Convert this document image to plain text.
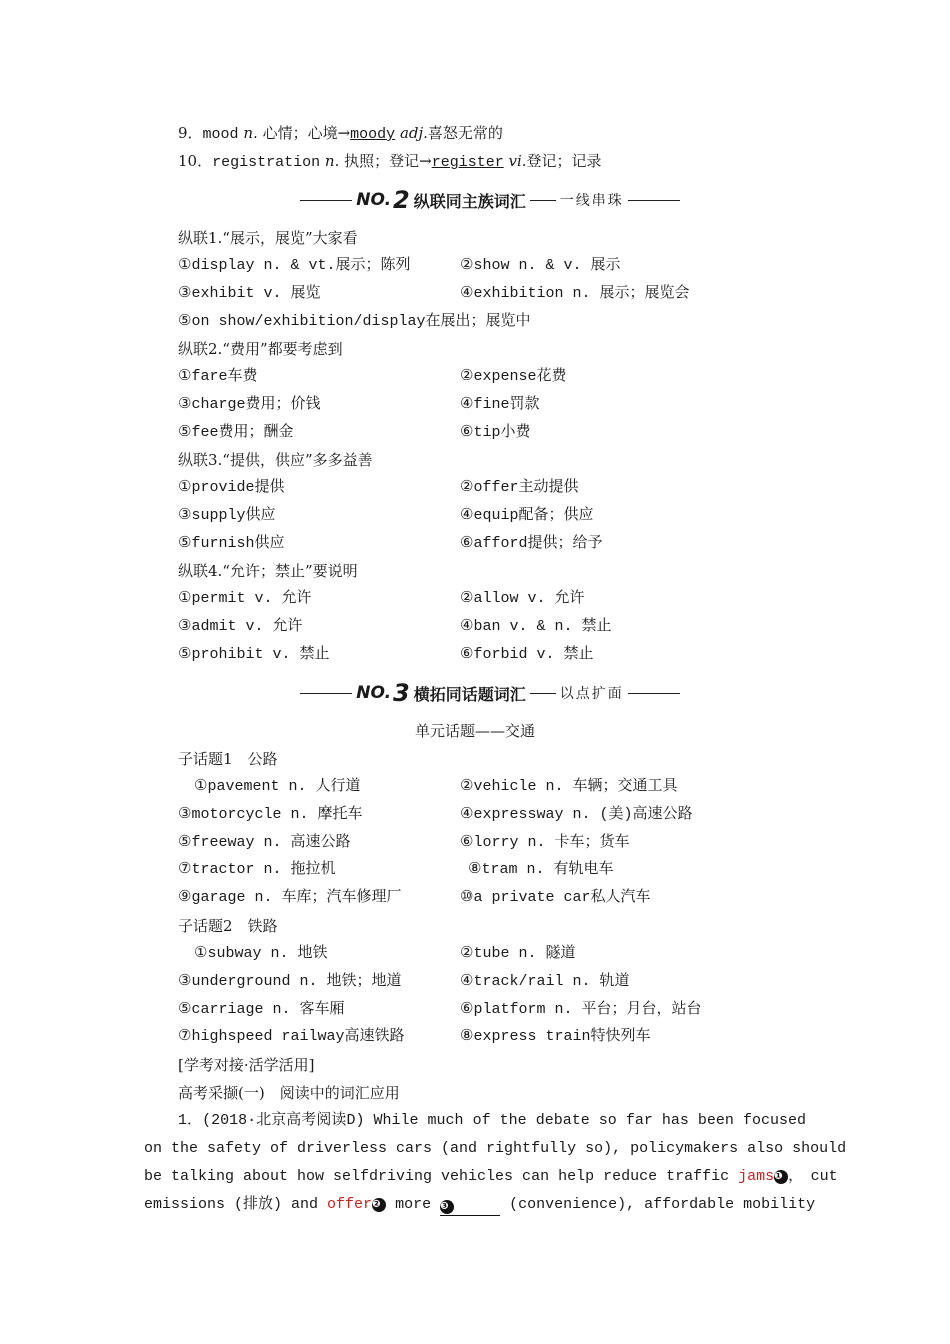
9．mood n. 心情；心境→moody adj.喜怒无常的
10．registration n. 执照；登记→register vi.登记；记录
NO. 2 纵联同主族词汇 一线串珠
纵联1.“展示，展览”大家看
①display n. & vt.展示；陈列	②show n. & v. 展示
③exhibit v. 展览	④exhibition n. 展示；展览会
⑤on show/exhibition/display在展出；展览中
纵联2.“费用”都要考虑到
①fare车费	②expense花费
③charge费用；价钱	④fine罚款
⑤fee费用；酬金	⑥tip小费
纵联3.“提供，供应”多多益善
①provide提供	②offer主动提供
③supply供应	④equip配备；供应
⑤furnish供应	⑥afford提供；给予
纵联4.“允许；禁止”要说明
①permit v. 允许	②allow v. 允许
③admit v. 允许	④ban v. & n. 禁止
⑤prohibit v. 禁止	⑥forbid v. 禁止
NO. 3 横拓同话题词汇 以点扩面
单元话题——交通
子话题1　公路
①pavement n. 人行道	②vehicle n. 车辆；交通工具
③motorcycle n. 摩托车	④expressway n. (美)高速公路
⑤freeway n. 高速公路	⑥lorry n. 卡车；货车
⑦tractor n. 拖拉机	⑧tram n. 有轨电车
⑨garage n. 车库；汽车修理厂	⑩a private car私人汽车
子话题2　铁路
①subway n. 地铁	②tube n. 隧道
③underground n. 地铁；地道	④track/rail n. 轨道
⑤carriage n. 客车厢	⑥platform n. 平台；月台，站台
⑦highspeed railway高速铁路	⑧express train特快列车
[学考对接·活学活用]
高考采撷(一)　阅读中的词汇应用
1．(2018·北京高考阅读D) While much of the debate so far has been focused
on the safety of driverless cars (and rightfully so), policymakers also should
be talking about how selfdriving vehicles can help reduce traffic jams❶ ，　cut
emissions (排放) and offer❷ more ❸	(convenience), affordable mobility
